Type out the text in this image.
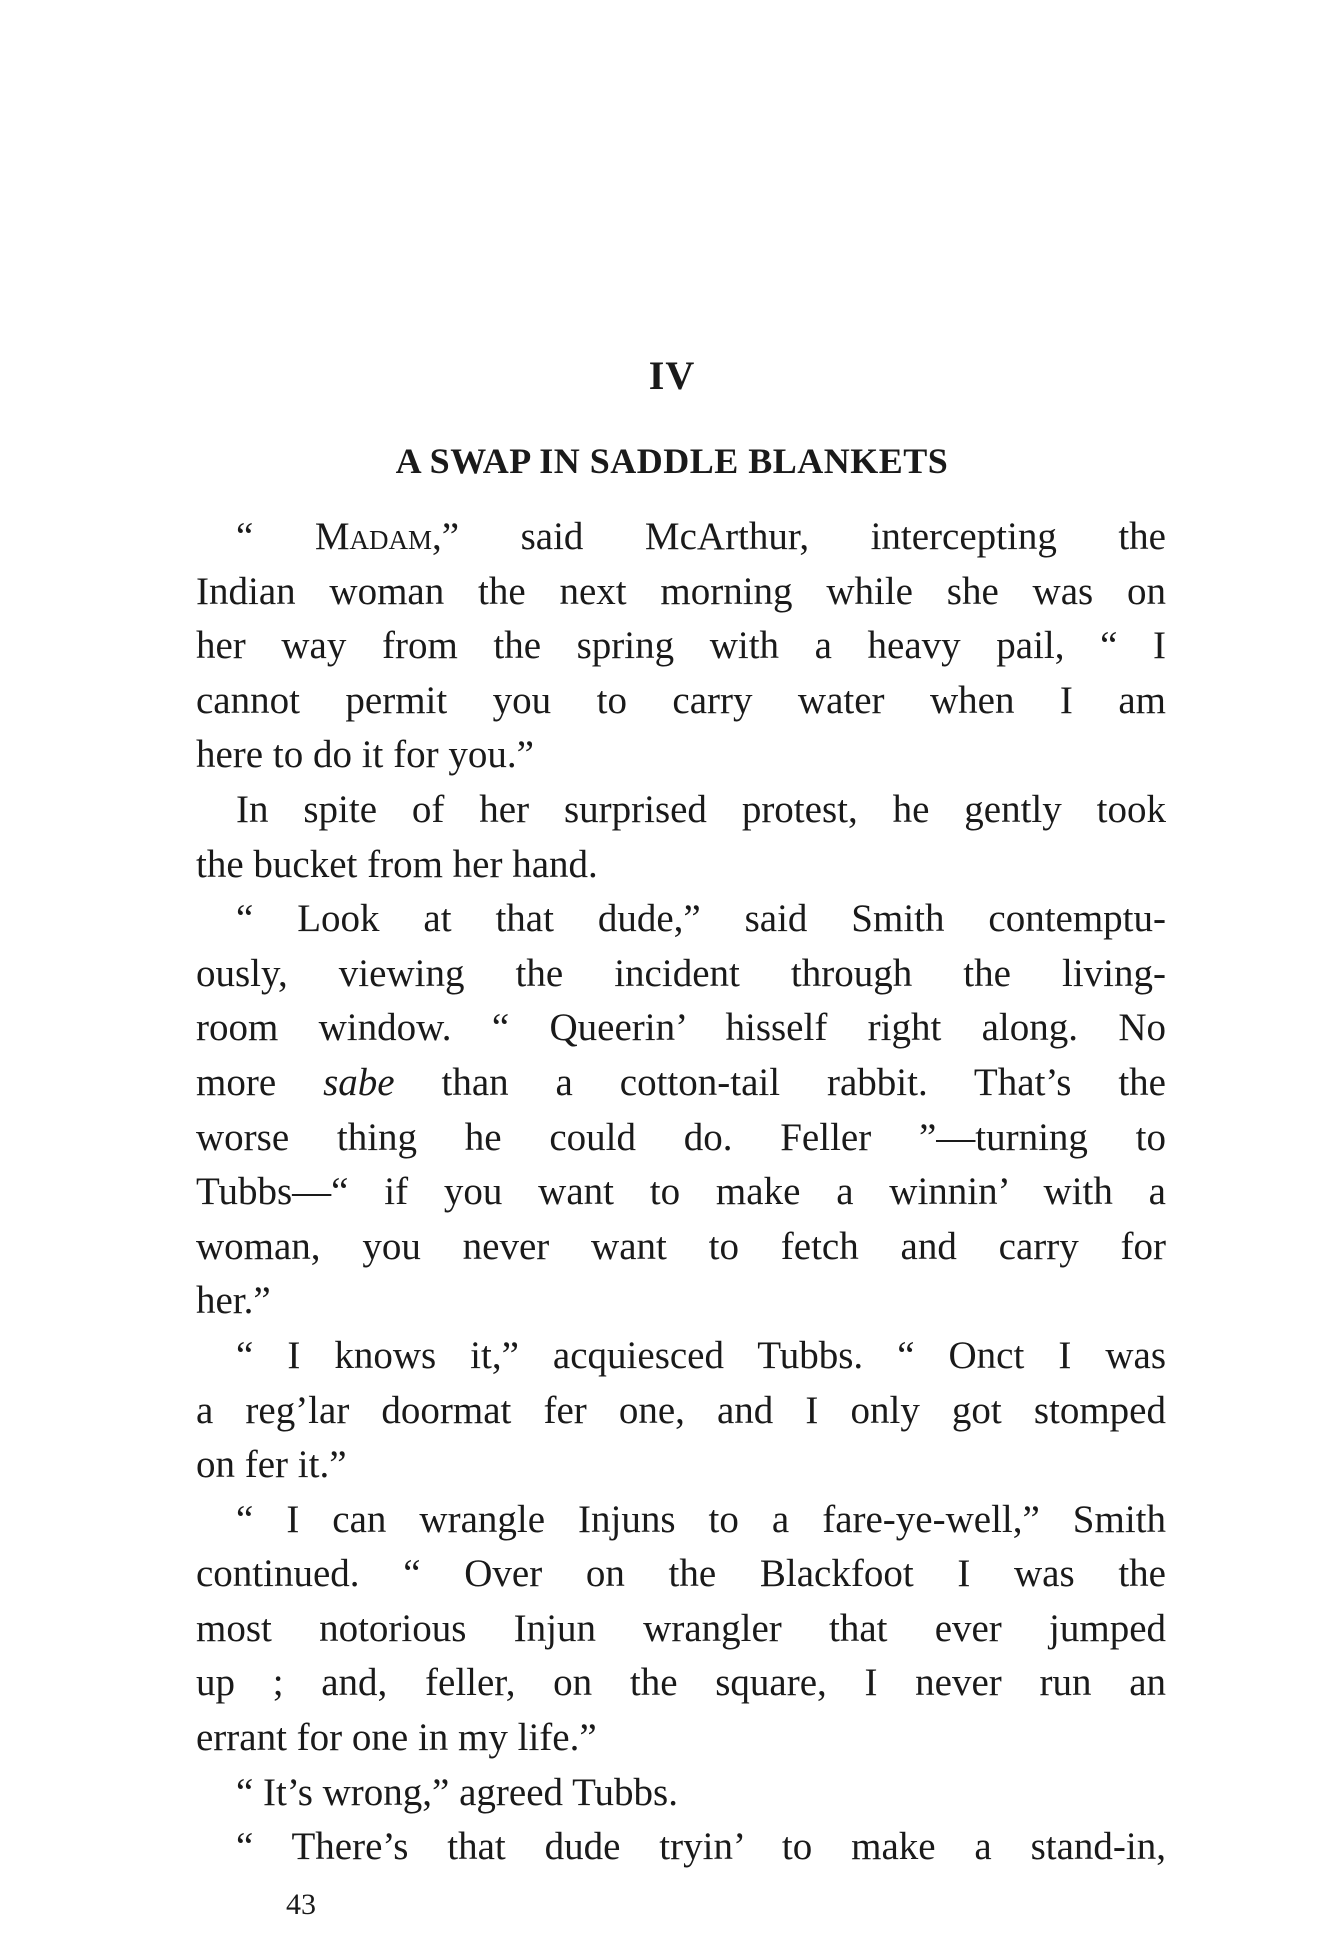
IV
A SWAP IN SADDLE BLANKETS
“ Madam,” said McArthur, intercepting the
Indian woman the next morning while she was on
her way from the spring with a heavy pail, “ I
cannot permit you to carry water when I am
here to do it for you.”
In spite of her surprised protest, he gently took
the bucket from her hand.
“ Look at that dude,” said Smith contemptu-
ously, viewing the incident through the living-
room window. “ Queerin’ hisself right along. No
more sabe than a cotton-tail rabbit. That’s the
worse thing he could do. Feller ”—turning to
Tubbs—“ if you want to make a winnin’ with a
woman, you never want to fetch and carry for
her.”
“ I knows it,” acquiesced Tubbs. “ Onct I was
a reg’lar doormat fer one, and I only got stomped
on fer it.”
“ I can wrangle Injuns to a fare-ye-well,” Smith
continued. “ Over on the Blackfoot I was the
most notorious Injun wrangler that ever jumped
up ; and, feller, on the square, I never run an
errant for one in my life.”
“ It’s wrong,” agreed Tubbs.
“ There’s that dude tryin’ to make a stand-in,
43
